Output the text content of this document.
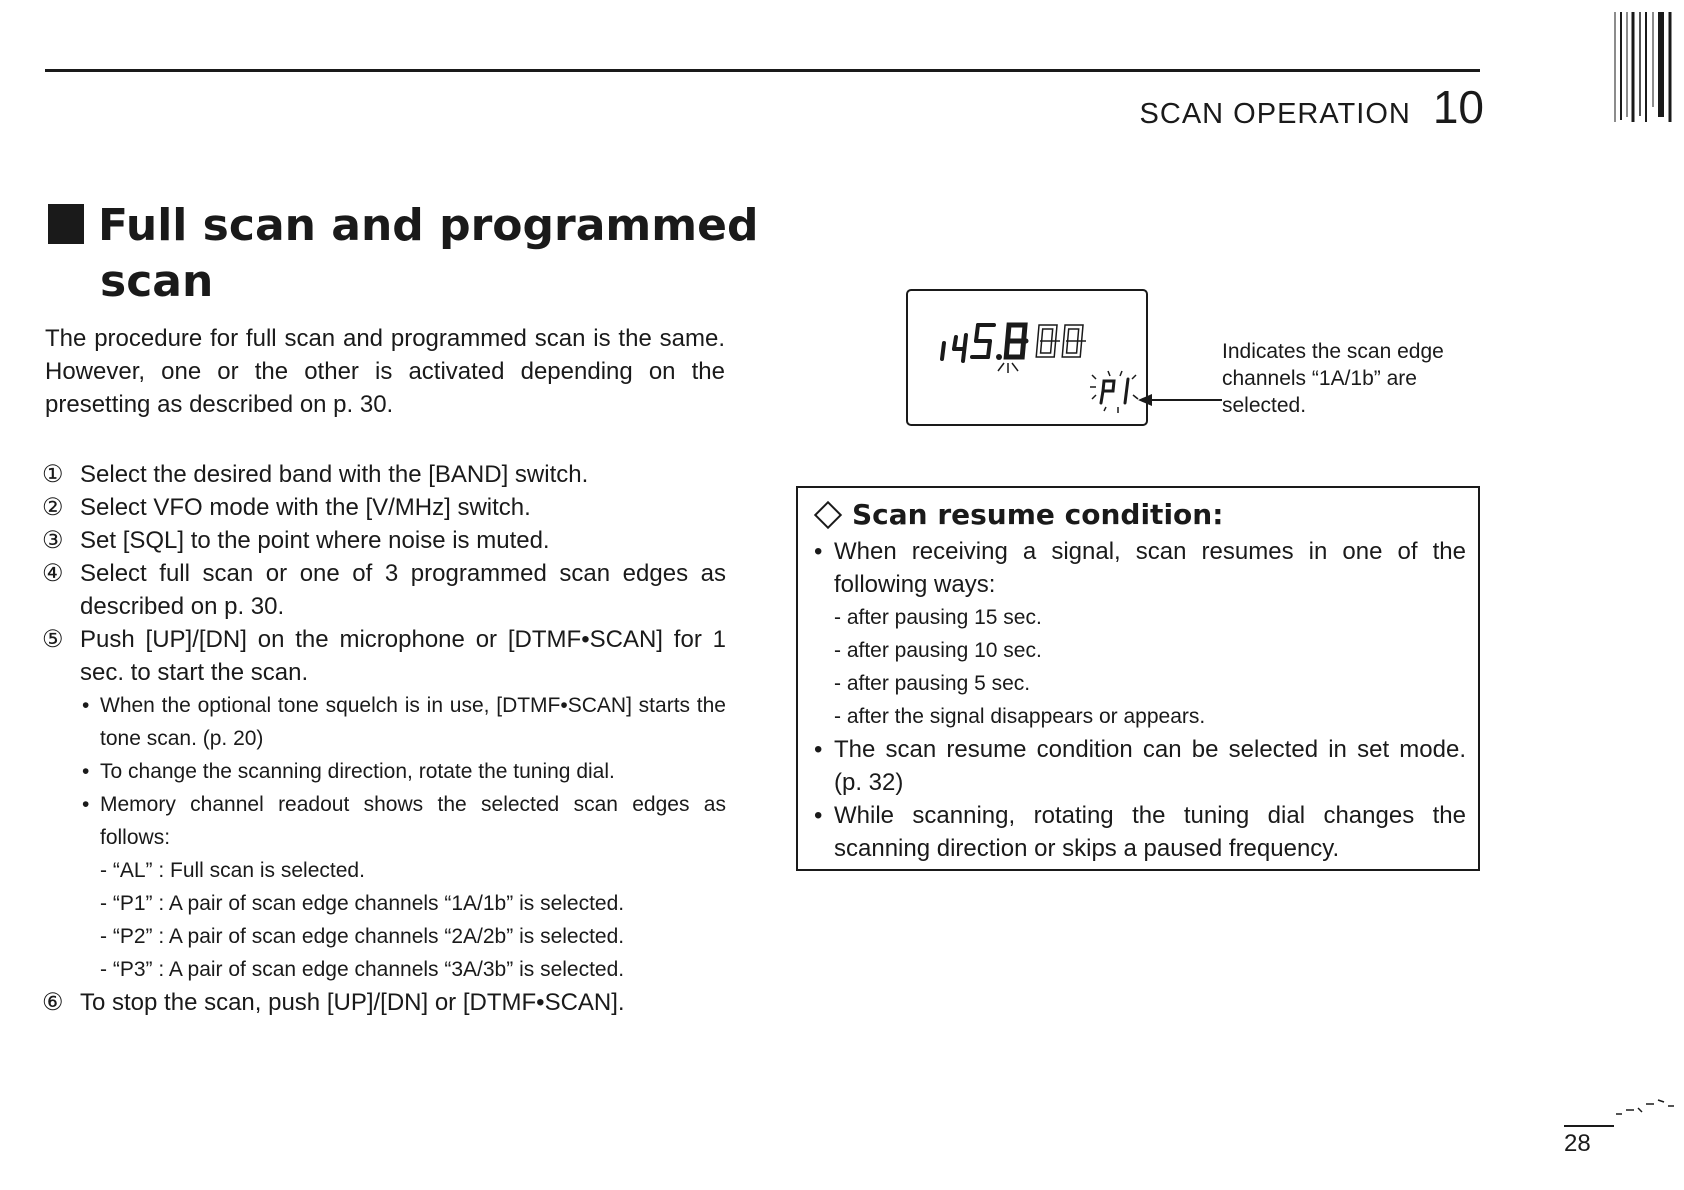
SCAN OPERATION 10
Full scan and programmed
scan

The procedure for full scan and programmed scan is the same. However, one or the other is activated depending on the presetting as described on p. 30.

① Select the desired band with the [BAND] switch.
② Select VFO mode with the [V/MHz] switch.
③ Set [SQL] to the point where noise is muted.
④ Select full scan or one of 3 programmed scan edges as described on p. 30.
⑤ Push [UP]/[DN] on the microphone or [DTMF•SCAN] for 1 sec. to start the scan.
• When the optional tone squelch is in use, [DTMF•SCAN] starts the tone scan. (p. 20)
• To change the scanning direction, rotate the tuning dial.
• Memory channel readout shows the selected scan edges as follows:
- “AL” : Full scan is selected.
- “P1” : A pair of scan edge channels “1A/1b” is selected.
- “P2” : A pair of scan edge channels “2A/2b” is selected.
- “P3” : A pair of scan edge channels “3A/3b” is selected.
⑥ To stop the scan, push [UP]/[DN] or [DTMF•SCAN].

Indicates the scan edge channels “1A/1b” are selected.

Scan resume condition:
• When receiving a signal, scan resumes in one of the following ways:
- after pausing 15 sec.
- after pausing 10 sec.
- after pausing 5 sec.
- after the signal disappears or appears.
• The scan resume condition can be selected in set mode. (p. 32)
• While scanning, rotating the tuning dial changes the scanning direction or skips a paused frequency.
28
